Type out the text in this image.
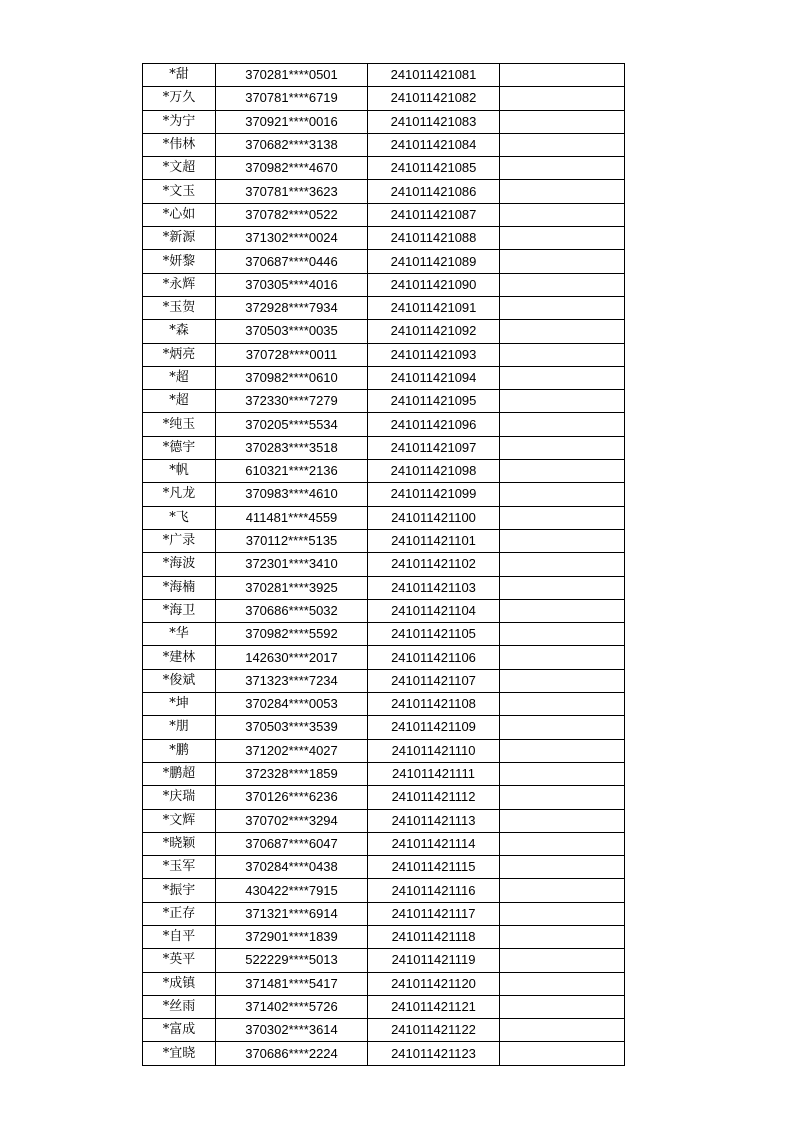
*甜	370281****0501	241011421081	
*万久	370781****6719	241011421082	
*为宁	370921****0016	241011421083	
*伟林	370682****3138	241011421084	
*文超	370982****4670	241011421085	
*文玉	370781****3623	241011421086	
*心如	370782****0522	241011421087	
*新源	371302****0024	241011421088	
*妍黎	370687****0446	241011421089	
*永辉	370305****4016	241011421090	
*玉贺	372928****7934	241011421091	
*森	370503****0035	241011421092	
*炳亮	370728****0011	241011421093	
*超	370982****0610	241011421094	
*超	372330****7279	241011421095	
*纯玉	370205****5534	241011421096	
*德宇	370283****3518	241011421097	
*帆	610321****2136	241011421098	
*凡龙	370983****4610	241011421099	
*飞	411481****4559	241011421100	
*广录	370112****5135	241011421101	
*海波	372301****3410	241011421102	
*海楠	370281****3925	241011421103	
*海卫	370686****5032	241011421104	
*华	370982****5592	241011421105	
*建林	142630****2017	241011421106	
*俊斌	371323****7234	241011421107	
*坤	370284****0053	241011421108	
*朋	370503****3539	241011421109	
*鹏	371202****4027	241011421110	
*鹏超	372328****1859	241011421111	
*庆瑞	370126****6236	241011421112	
*文辉	370702****3294	241011421113	
*晓颖	370687****6047	241011421114	
*玉军	370284****0438	241011421115	
*振宇	430422****7915	241011421116	
*正存	371321****6914	241011421117	
*自平	372901****1839	241011421118	
*英平	522229****5013	241011421119	
*成镇	371481****5417	241011421120	
*丝雨	371402****5726	241011421121	
*富成	370302****3614	241011421122	
*宜晓	370686****2224	241011421123	
